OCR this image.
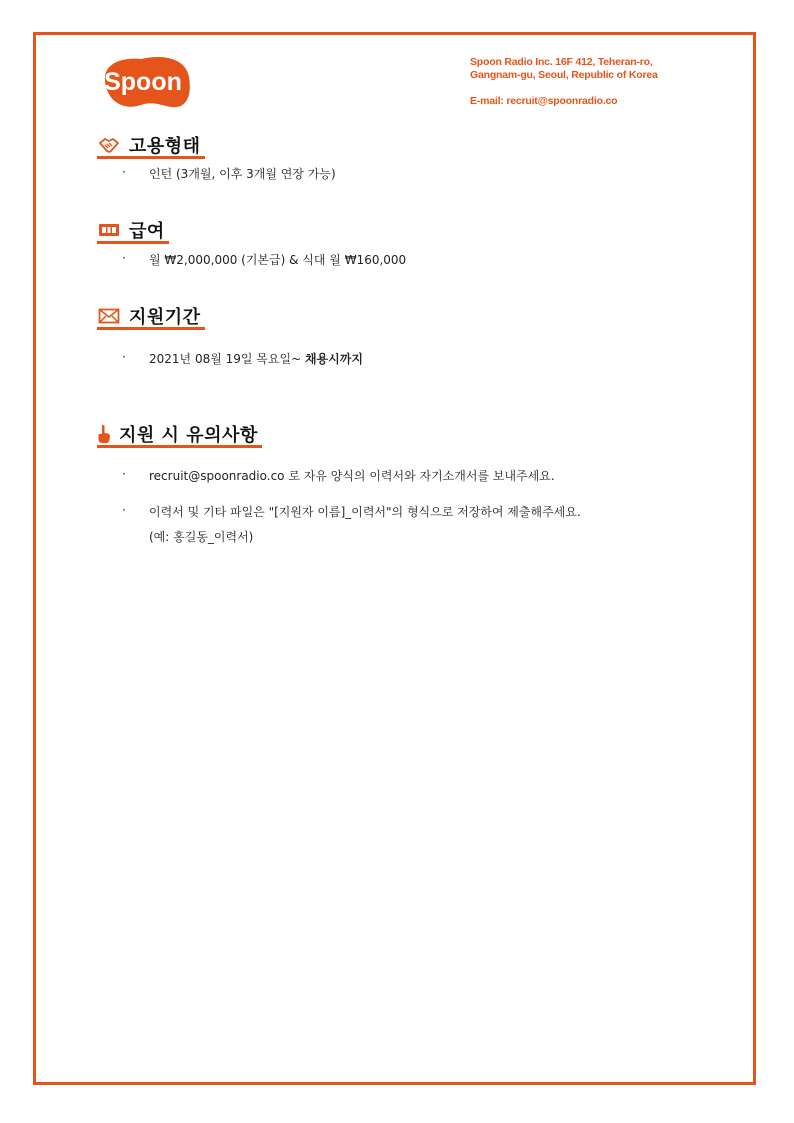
Spoon
Spoon Radio Inc. 16F 412, Teheran-ro,
Gangnam-gu, Seoul, Republic of Korea
E-mail: recruit@spoonradio.co
고용형태
·	인턴 (3개월, 이후 3개월 연장 가능)
급여
·	월 ₩2,000,000 (기본급) & 식대 월 ₩160,000
지원기간
·	2021년 08월 19일 목요일~ 채용시까지
지원 시 유의사항
·	recruit@spoonradio.co 로 자유 양식의 이력서와 자기소개서를 보내주세요.
·	이력서 및 기타 파일은 "[지원자 이름]_이력서"의 형식으로 저장하여 제출해주세요.
(예: 홍길동_이력서)
